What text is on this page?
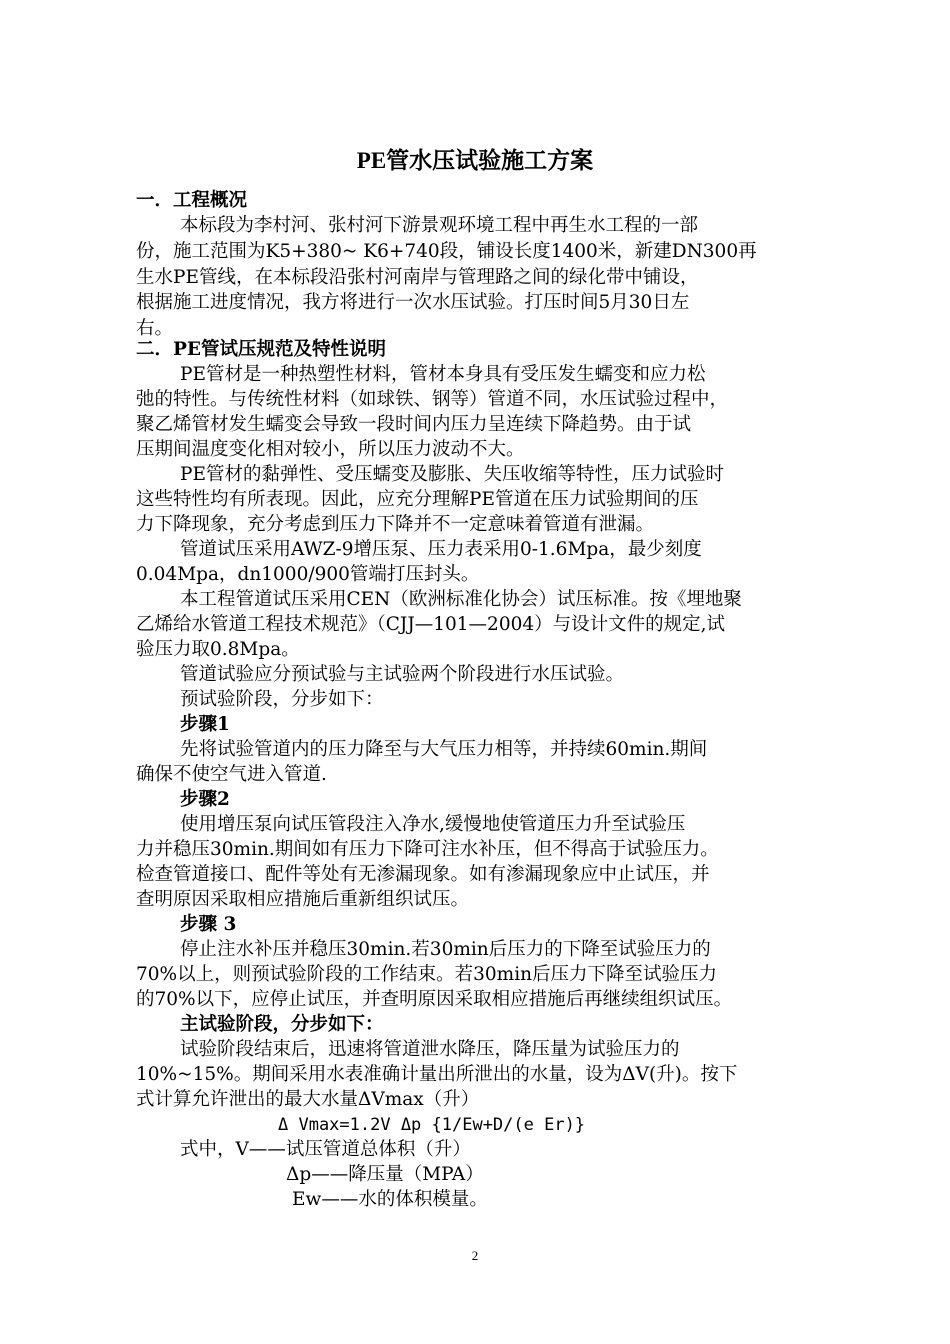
PE管水压试验施工方案
一．工程概况
本标段为李村河、张村河下游景观环境工程中再生水工程的一部
份，施工范围为K5+380~ K6+740段，铺设长度1400米，新建DN300再
生水PE管线，在本标段沿张村河南岸与管理路之间的绿化带中铺设，
根据施工进度情况，我方将进行一次水压试验。打压时间5月30日左
右。
二．PE管试压规范及特性说明
PE管材是一种热塑性材料，管材本身具有受压发生蠕变和应力松
弛的特性。与传统性材料（如球铁、钢等）管道不同，水压试验过程中，
聚乙烯管材发生蠕变会导致一段时间内压力呈连续下降趋势。由于试
压期间温度变化相对较小，所以压力波动不大。
PE管材的黏弹性、受压蠕变及膨胀、失压收缩等特性，压力试验时
这些特性均有所表现。因此，应充分理解PE管道在压力试验期间的压
力下降现象，充分考虑到压力下降并不一定意味着管道有泄漏。
管道试压采用AWZ-9增压泵、压力表采用0-1.6Mpa，最少刻度
0.04Mpa，dn1000/900管端打压封头。
本工程管道试压采用CEN（欧洲标准化协会）试压标准。按《埋地聚
乙烯给水管道工程技术规范》（CJJ—101—2004）与设计文件的规定,试
验压力取0.8Mpa。
管道试验应分预试验与主试验两个阶段进行水压试验。
预试验阶段，分步如下：
步骤1
先将试验管道内的压力降至与大气压力相等，并持续60min.期间
确保不使空气进入管道.
步骤2
使用增压泵向试压管段注入净水,缓慢地使管道压力升至试验压
力并稳压30min.期间如有压力下降可注水补压，但不得高于试验压力。
检查管道接口、配件等处有无渗漏现象。如有渗漏现象应中止试压，并
查明原因采取相应措施后重新组织试压。
步骤 3
停止注水补压并稳压30min.若30min后压力的下降至试验压力的
70%以上，则预试验阶段的工作结束。若30min后压力下降至试验压力
的70%以下，应停止试压，并查明原因采取相应措施后再继续组织试压。
主试验阶段，分步如下：
试验阶段结束后，迅速将管道泄水降压，降压量为试验压力的
10%~15%。期间采用水表准确计量出所泄出的水量，设为ΔV(升)。按下
式计算允许泄出的最大水量ΔVmax（升）
Δ Vmax=1.2V Δp {1/Ew+D/(e Er)}
式中，V——试压管道总体积（升）
Δp——降压量（MPA）
Ew——水的体积模量。
2
